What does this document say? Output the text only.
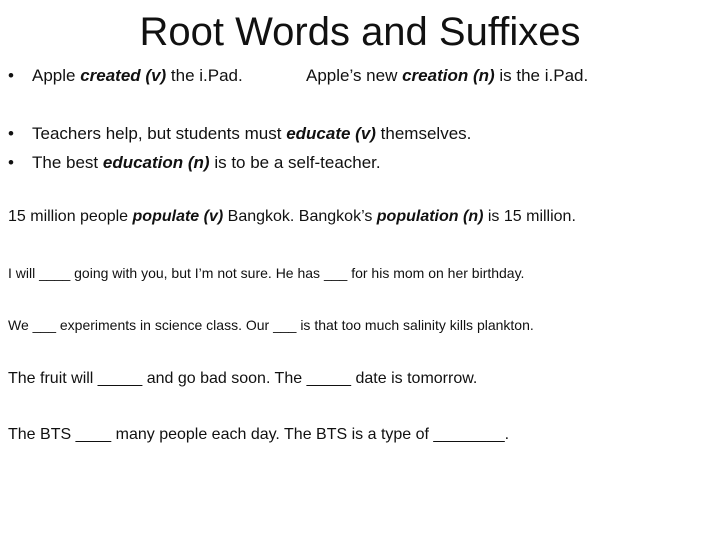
Root Words and Suffixes
• Apple created (v) the i.Pad.	Apple’s new creation (n) is the i.Pad.
• Teachers help, but students must educate (v) themselves.
• The best education (n) is to be a self-teacher.
15 million people populate (v) Bangkok. Bangkok’s population (n) is 15 million.
I will ____ going with you, but I’m not sure. He has ___ for his mom on her birthday.
We ___ experiments in science class. Our ___ is that too much salinity kills plankton.
The fruit will _____ and go bad soon. The _____ date is tomorrow.
The BTS ____ many people each day. The BTS is a type of ________.
